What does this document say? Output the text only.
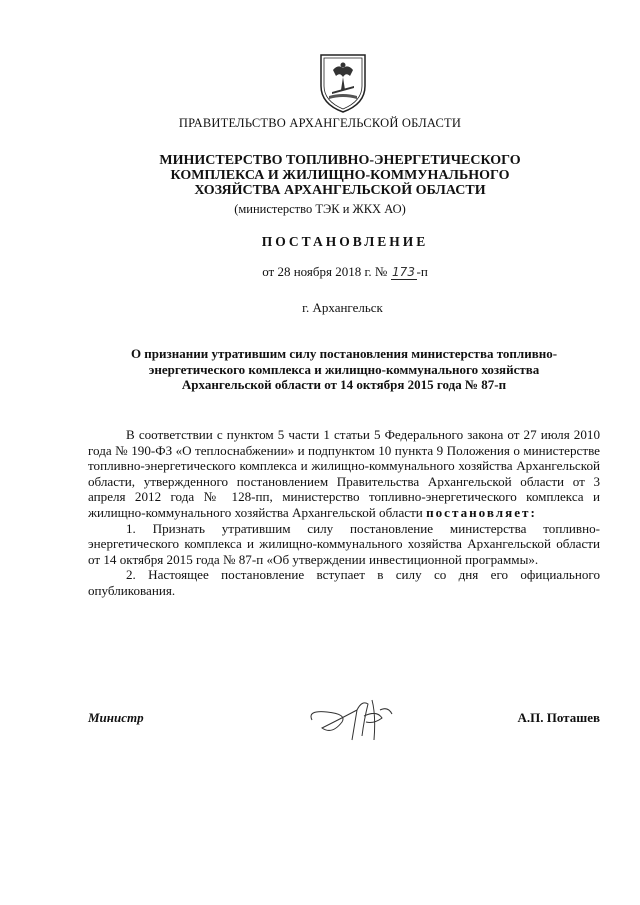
ПРАВИТЕЛЬСТВО АРХАНГЕЛЬСКОЙ ОБЛАСТИ
МИНИСТЕРСТВО ТОПЛИВНО-ЭНЕРГЕТИЧЕСКОГО
КОМПЛЕКСА И ЖИЛИЩНО-КОММУНАЛЬНОГО
ХОЗЯЙСТВА АРХАНГЕЛЬСКОЙ ОБЛАСТИ
(министерство ТЭК и ЖКХ АО)
ПОСТАНОВЛЕНИЕ
от 28 ноября 2018 г. № 173 -п
г. Архангельск
О признании утратившим силу постановления министерства топливно-
энергетического комплекса и жилищно-коммунального хозяйства
Архангельской области от 14 октября 2015 года № 87-п

В соответствии с пунктом 5 части 1 статьи 5 Федерального закона от 27 июля 2010 года № 190-ФЗ «О теплоснабжении» и подпунктом 10 пункта 9 Положения о министерстве топливно-энергетического комплекса и жилищно-коммунального хозяйства Архангельской области, утвержденного постановлением Правительства Архангельской области от 3 апреля 2012 года № 128-пп, министерство топливно-энергетического комплекса и жилищно-коммунального хозяйства Архангельской области постановляет:

1. Признать утратившим силу постановление министерства топливно-энергетического комплекса и жилищно-коммунального хозяйства Архангельской области от 14 октября 2015 года № 87-п «Об утверждении инвестиционной программы».

2. Настоящее постановление вступает в силу со дня его официального опубликования.

Министр	А.П. Поташев
